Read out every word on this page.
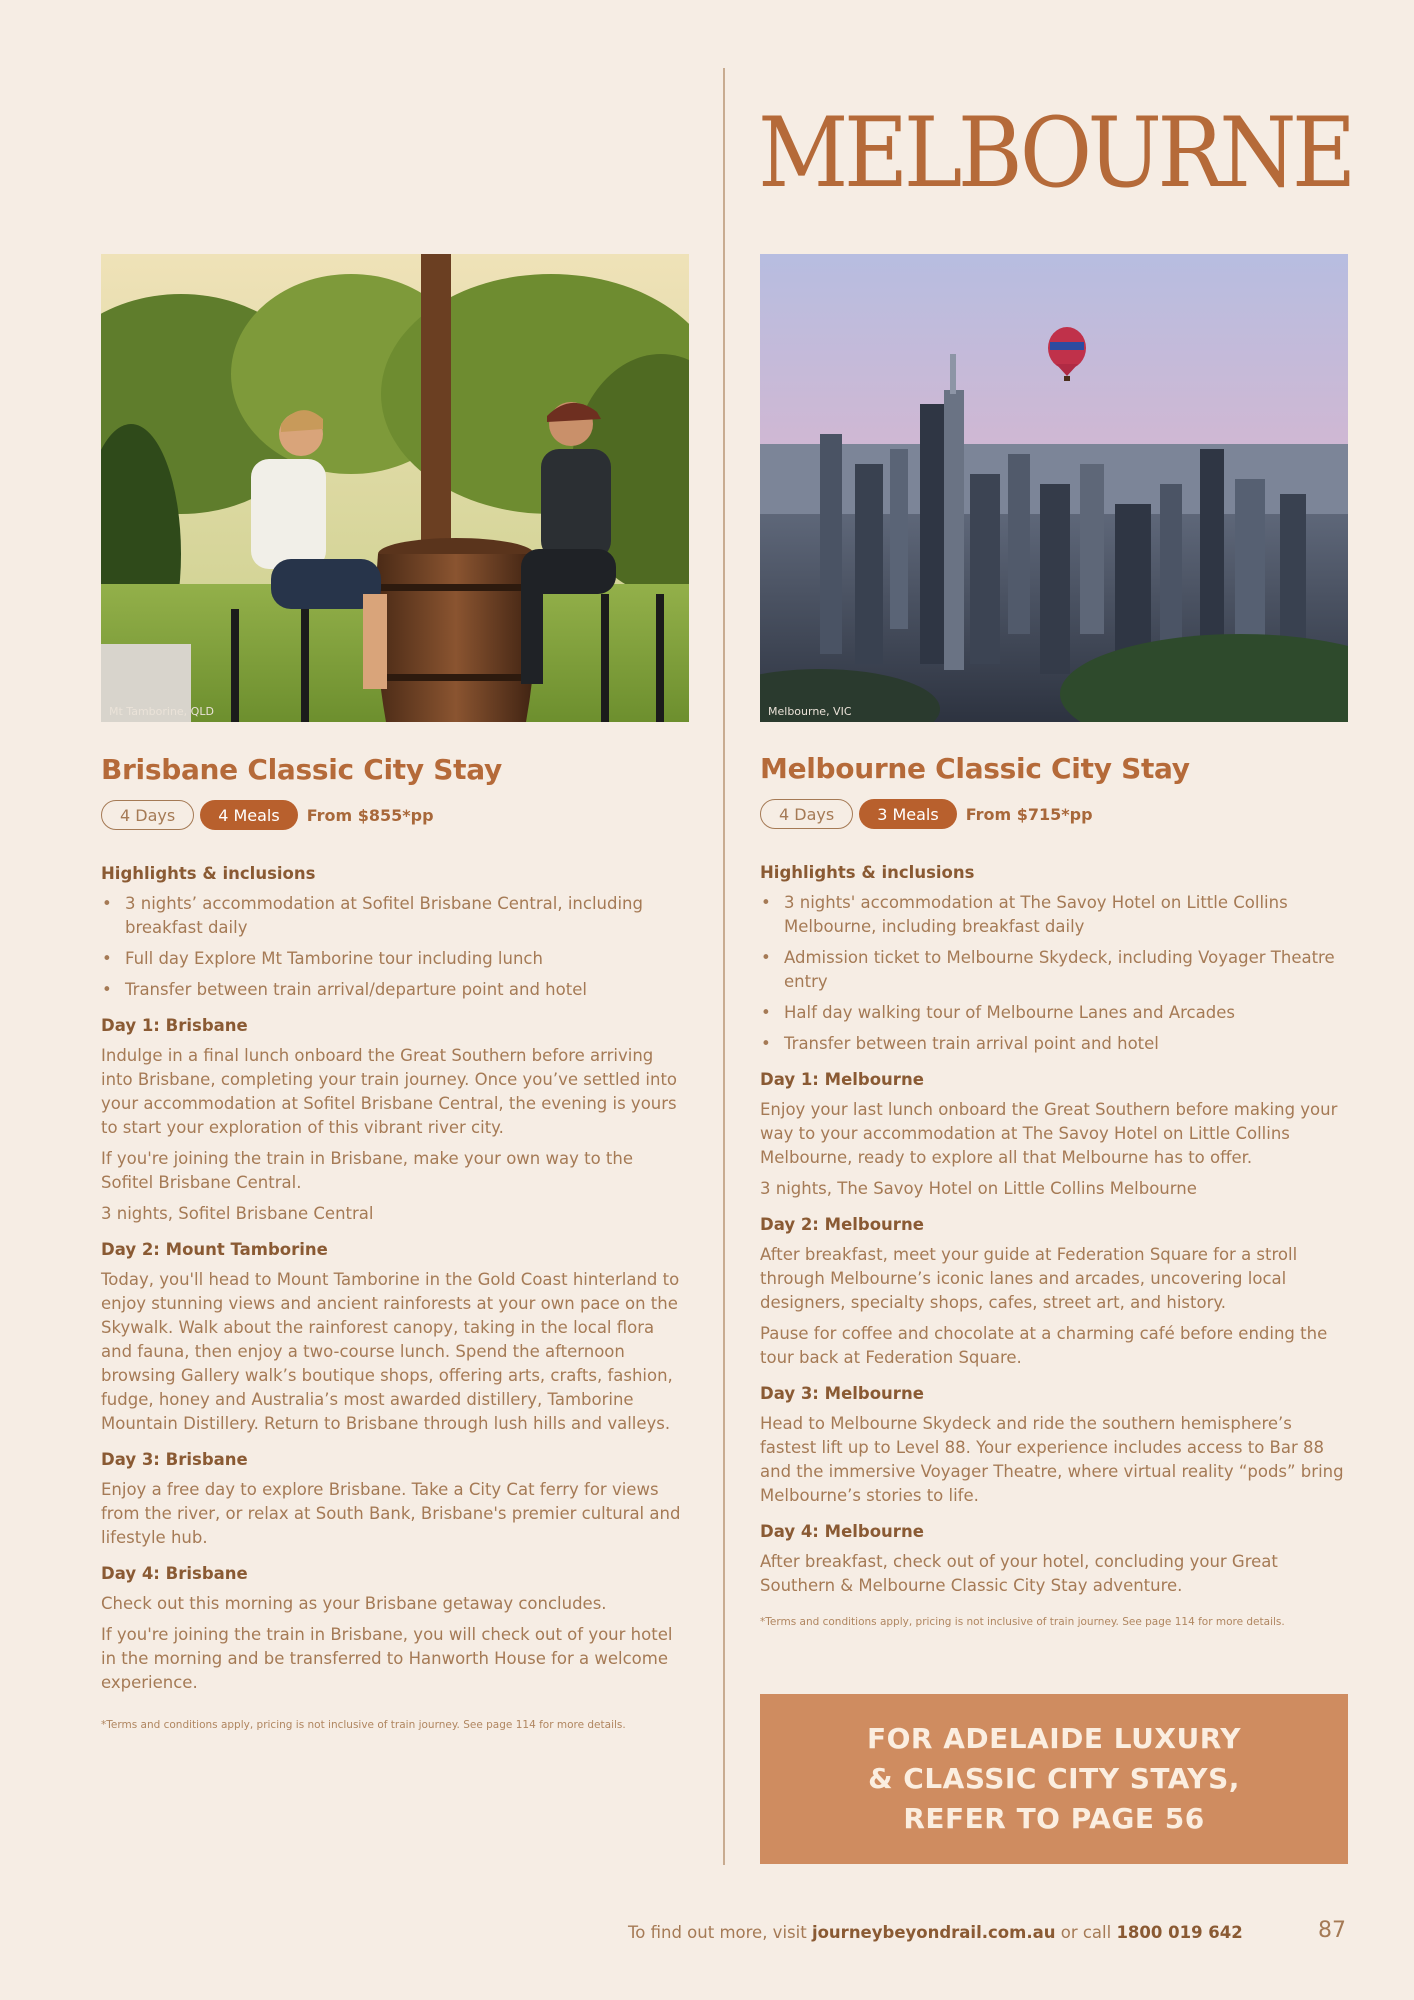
MELBOURNE
Mt Tamborine, QLD
Brisbane Classic City Stay
4 Days	4 Meals	From $855*pp
Highlights & inclusions
• 3 nights’ accommodation at Sofitel Brisbane Central, including breakfast daily
• Full day Explore Mt Tamborine tour including lunch
• Transfer between train arrival/departure point and hotel
Day 1: Brisbane

Indulge in a final lunch onboard the Great Southern before arriving into Brisbane, completing your train journey. Once you’ve settled into your accommodation at Sofitel Brisbane Central, the evening is yours to start your exploration of this vibrant river city.

If you're joining the train in Brisbane, make your own way to the Sofitel Brisbane Central.

3 nights, Sofitel Brisbane Central

Day 2: Mount Tamborine

Today, you'll head to Mount Tamborine in the Gold Coast hinterland to enjoy stunning views and ancient rainforests at your own pace on the Skywalk. Walk about the rainforest canopy, taking in the local flora and fauna, then enjoy a two-course lunch. Spend the afternoon browsing Gallery walk’s boutique shops, offering arts, crafts, fashion, fudge, honey and Australia’s most awarded distillery, Tamborine Mountain Distillery. Return to Brisbane through lush hills and valleys.

Day 3: Brisbane

Enjoy a free day to explore Brisbane. Take a City Cat ferry for views from the river, or relax at South Bank, Brisbane's premier cultural and lifestyle hub.

Day 4: Brisbane

Check out this morning as your Brisbane getaway concludes.

If you're joining the train in Brisbane, you will check out of your hotel in the morning and be transferred to Hanworth House for a welcome experience.

*Terms and conditions apply, pricing is not inclusive of train journey. See page 114 for more details.
Melbourne, VIC
Melbourne Classic City Stay
4 Days	3 Meals	From $715*pp
Highlights & inclusions
• 3 nights' accommodation at The Savoy Hotel on Little Collins Melbourne, including breakfast daily
• Admission ticket to Melbourne Skydeck, including Voyager Theatre entry
• Half day walking tour of Melbourne Lanes and Arcades
• Transfer between train arrival point and hotel
Day 1: Melbourne

Enjoy your last lunch onboard the Great Southern before making your way to your accommodation at The Savoy Hotel on Little Collins Melbourne, ready to explore all that Melbourne has to offer.

3 nights, The Savoy Hotel on Little Collins Melbourne

Day 2: Melbourne

After breakfast, meet your guide at Federation Square for a stroll through Melbourne’s iconic lanes and arcades, uncovering local designers, specialty shops, cafes, street art, and history.

Pause for coffee and chocolate at a charming café before ending the tour back at Federation Square.

Day 3: Melbourne

Head to Melbourne Skydeck and ride the southern hemisphere’s fastest lift up to Level 88. Your experience includes access to Bar 88 and the immersive Voyager Theatre, where virtual reality “pods” bring Melbourne’s stories to life.

Day 4: Melbourne

After breakfast, check out of your hotel, concluding your Great Southern & Melbourne Classic City Stay adventure.

*Terms and conditions apply, pricing is not inclusive of train journey. See page 114 for more details.
FOR ADELAIDE LUXURY
& CLASSIC CITY STAYS,
REFER TO PAGE 56
To find out more, visit journeybeyondrail.com.au or call 1800 019 642	87
